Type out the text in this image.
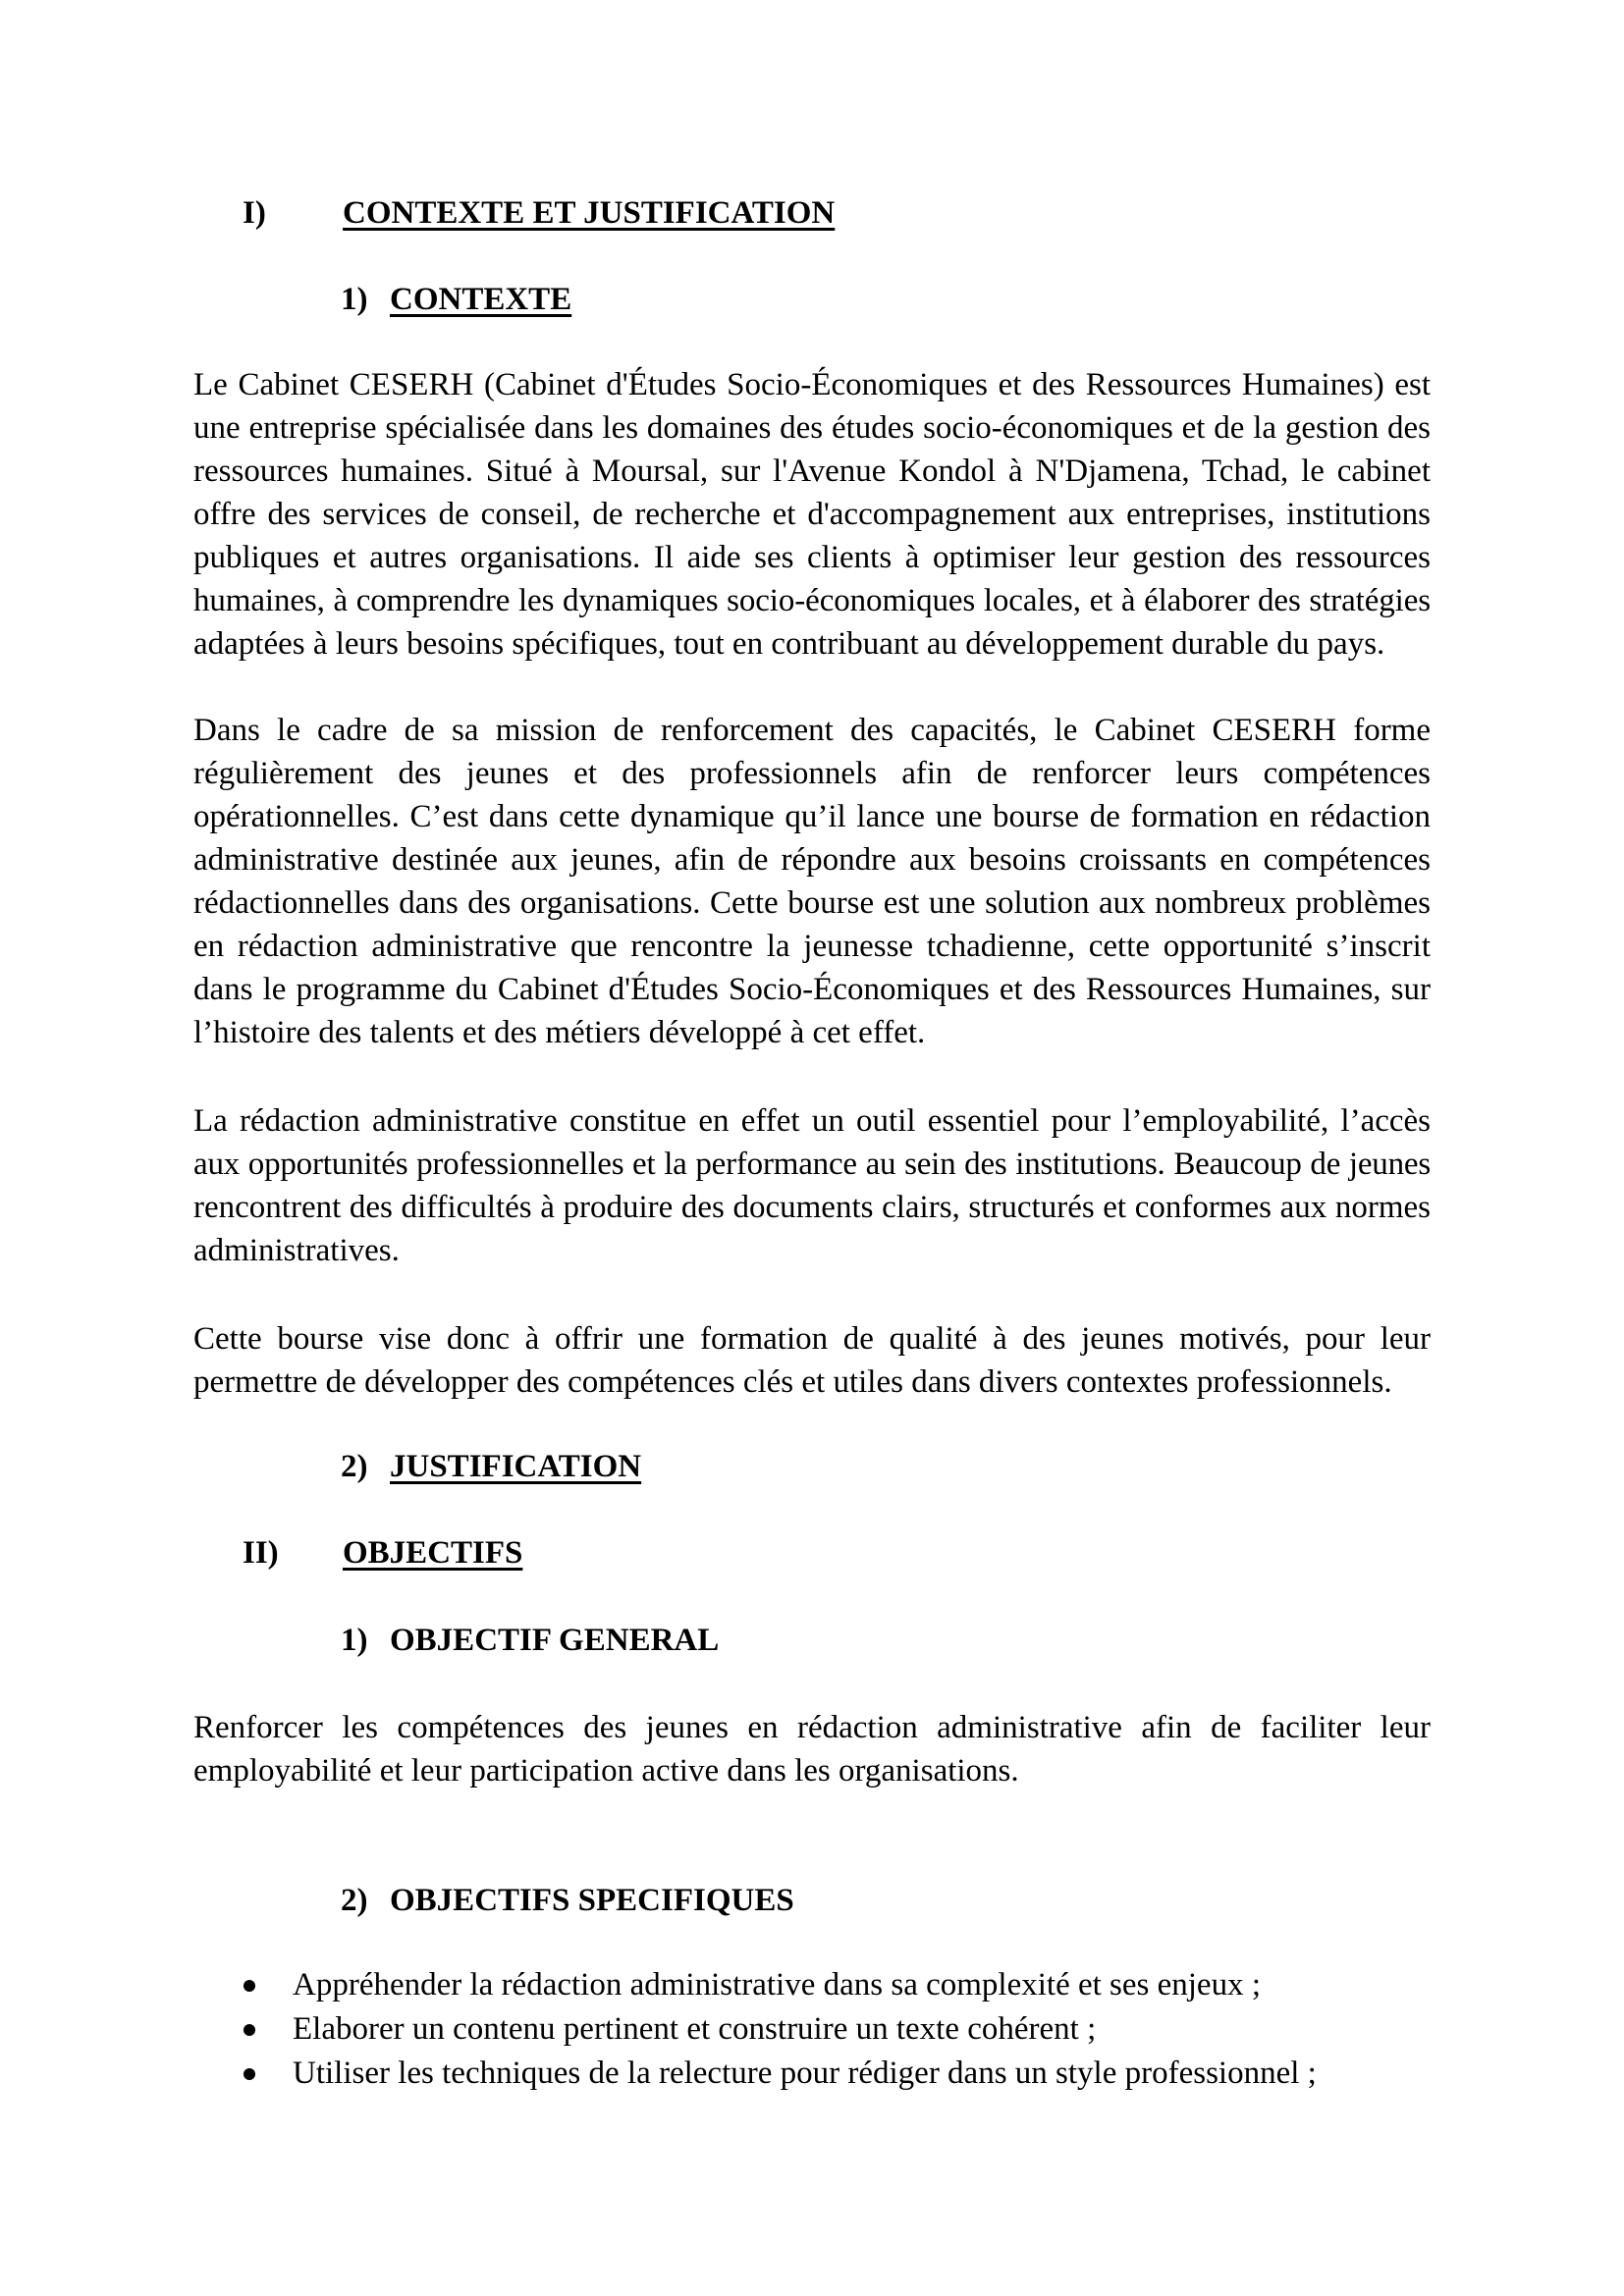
I) CONTEXTE ET JUSTIFICATION
1) CONTEXTE
Le Cabinet CESERH (Cabinet d'Études Socio-Économiques et des Ressources Humaines) est
une entreprise spécialisée dans les domaines des études socio-économiques et de la gestion des
ressources humaines. Situé à Moursal, sur l'Avenue Kondol à N'Djamena, Tchad, le cabinet
offre des services de conseil, de recherche et d'accompagnement aux entreprises, institutions
publiques et autres organisations. Il aide ses clients à optimiser leur gestion des ressources
humaines, à comprendre les dynamiques socio-économiques locales, et à élaborer des stratégies
adaptées à leurs besoins spécifiques, tout en contribuant au développement durable du pays.
Dans le cadre de sa mission de renforcement des capacités, le Cabinet CESERH forme
régulièrement des jeunes et des professionnels afin de renforcer leurs compétences
opérationnelles. C’est dans cette dynamique qu’il lance une bourse de formation en rédaction
administrative destinée aux jeunes, afin de répondre aux besoins croissants en compétences
rédactionnelles dans des organisations. Cette bourse est une solution aux nombreux problèmes
en rédaction administrative que rencontre la jeunesse tchadienne, cette opportunité s’inscrit
dans le programme du Cabinet d'Études Socio-Économiques et des Ressources Humaines, sur
l’histoire des talents et des métiers développé à cet effet.
La rédaction administrative constitue en effet un outil essentiel pour l’employabilité, l’accès
aux opportunités professionnelles et la performance au sein des institutions. Beaucoup de jeunes
rencontrent des difficultés à produire des documents clairs, structurés et conformes aux normes
administratives.
Cette bourse vise donc à offrir une formation de qualité à des jeunes motivés, pour leur
permettre de développer des compétences clés et utiles dans divers contextes professionnels.
2) JUSTIFICATION
II) OBJECTIFS
1) OBJECTIF GENERAL
Renforcer les compétences des jeunes en rédaction administrative afin de faciliter leur
employabilité et leur participation active dans les organisations.
2) OBJECTIFS SPECIFIQUES
Appréhender la rédaction administrative dans sa complexité et ses enjeux ;
Elaborer un contenu pertinent et construire un texte cohérent ;
Utiliser les techniques de la relecture pour rédiger dans un style professionnel ;
